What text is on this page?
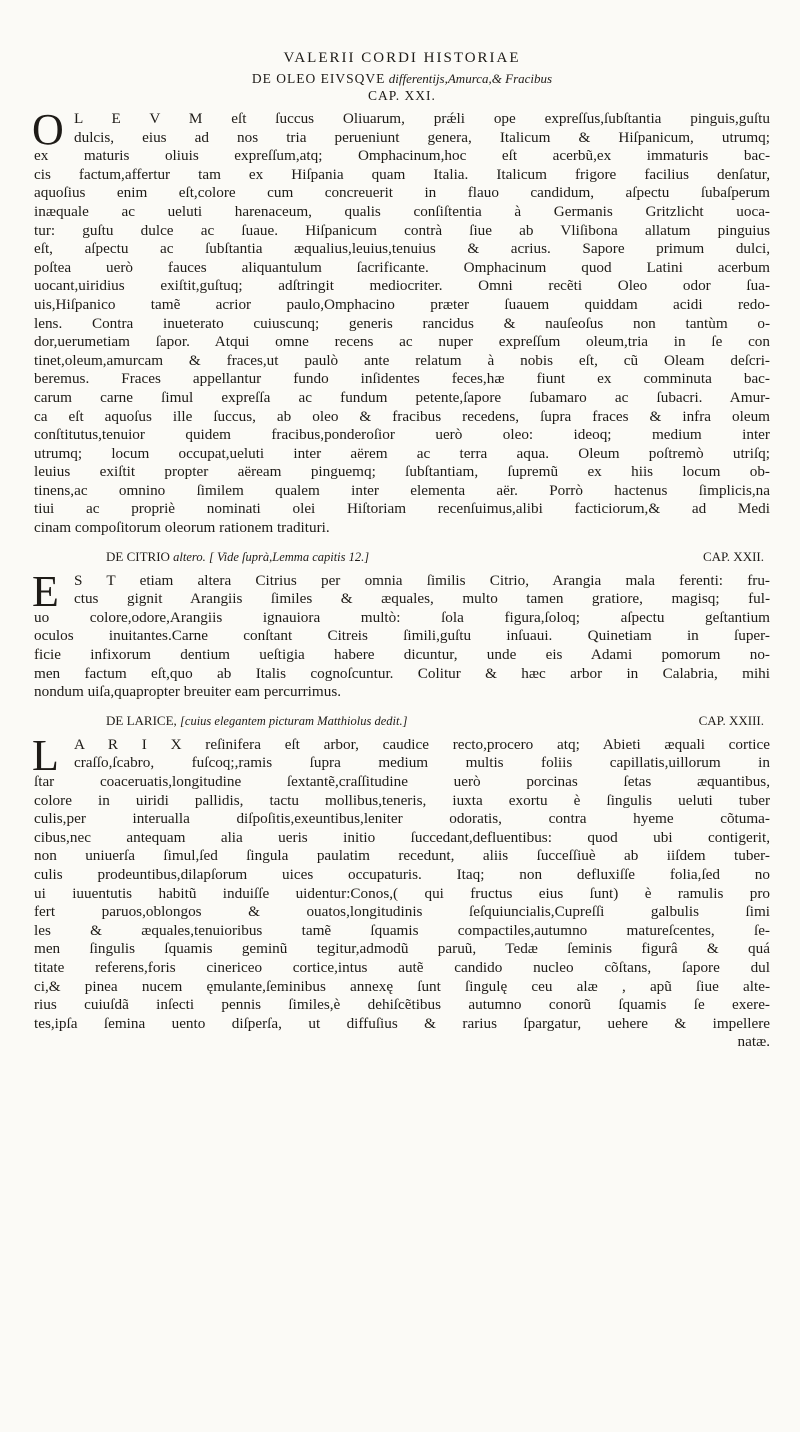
VALERII CORDI HISTORIAE
DE OLEO EIVSQVE differentijs,Amurca,& Fracibus
CAP. XXI.
O L E V M eſt ſuccus Oliuarum, prǽli ope expreſſus,ſubſtantia pinguis,guſtu
dulcis, eius ad nos tria perueniunt genera, Italicum & Hiſpanicum, utrumq;
ex maturis oliuis expreſſum,atq; Omphacinum,hoc eſt acerbũ,ex immaturis bac-
cis factum,affertur tam ex Hiſpania quam Italia. Italicum frigore facilius denſatur,
aquoſius enim eſt,colore cum concreuerit in flauo candidum, aſpectu ſubaſperum
inæquale ac ueluti harenaceum, qualis conſiſtentia à Germanis Gritzlicht uoca-
tur: guſtu dulce ac ſuaue. Hiſpanicum contrà ſiue ab Vliſibona allatum pinguius
eſt, aſpectu ac ſubſtantia æqualius,leuius,tenuius & acrius. Sapore primum dulci,
poſtea uerò fauces aliquantulum ſacrificante. Omphacinum quod Latini acerbum
uocant,uiridius exiſtit,guſtuq; adſtringit mediocriter. Omni recẽti Oleo odor ſua-
uis,Hiſpanico tamẽ acrior paulo,Omphacino præter ſuauem quiddam acidi redo-
lens. Contra inueterato cuiuscunq; generis rancidus & nauſeoſus non tantùm o-
dor,uerumetiam ſapor. Atqui omne recens ac nuper expreſſum oleum,tria in ſe con
tinet,oleum,amurcam & fraces,ut paulò ante relatum à nobis eſt, cũ Oleam deſcri-
beremus. Fraces appellantur fundo inſidentes feces,hæ fiunt ex comminuta bac-
carum carne ſimul expreſſa ac fundum petente,ſapore ſubamaro ac ſubacri. Amur-
ca eſt aquoſus ille ſuccus, ab oleo & fracibus recedens, ſupra fraces & infra oleum
conſtitutus,tenuior quidem fracibus,ponderoſior uerò oleo: ideoq; medium inter
utrumq; locum occupat,ueluti inter aërem ac terra aqua. Oleum poſtremò utriſq;
leuius exiſtit propter aëream pinguemq; ſubſtantiam, ſupremũ ex hiis locum ob-
tinens,ac omnino ſimilem qualem inter elementa aër. Porrò hactenus ſimplicis,na
tiui ac propriè nominati olei Hiſtoriam recenſuimus,alibi facticiorum,& ad Medi
cinam compoſitorum oleorum rationem tradituri.
DE CITRIO altero. [ Vide ſuprà,Lemma capitis 12.]	CAP. XXII.
E S T etiam altera Citrius per omnia ſimilis Citrio, Arangia mala ferenti: fru-
ctus gignit Arangiis ſimiles & æquales, multo tamen gratiore, magisq; ful-
uo colore,odore,Arangiis ignauiora multò: ſola figura,ſoloq; aſpectu geſtantium
oculos inuitantes.Carne conſtant Citreis ſimili,guſtu inſuaui. Quinetiam in ſuper-
ficie infixorum dentium ueſtigia habere dicuntur, unde eis Adami pomorum no-
men factum eſt,quo ab Italis cognoſcuntur. Colitur & hæc arbor in Calabria, mihi
nondum uiſa,quapropter breuiter eam percurrimus.
DE LARICE, [cuius elegantem picturam Matthiolus dedit.]	CAP. XXIII.
L A R I X reſinifera eſt arbor, caudice recto,procero atq; Abieti æquali cortice
craſſo,ſcabro, fuſcoq;,ramis ſupra medium multis foliis capillatis,uillorum in
ſtar coaceruatis,longitudine ſextantẽ,craſſitudine uerò porcinas ſetas æquantibus,
colore in uiridi pallidis, tactu mollibus,teneris, iuxta exortu è ſingulis ueluti tuber
culis,per interualla diſpoſitis,exeuntibus,leniter odoratis, contra hyeme cõtuma-
cibus,nec antequam alia ueris initio ſuccedant,defluentibus: quod ubi contigerit,
non uniuerſa ſimul,ſed ſingula paulatim recedunt, aliis ſucceſſiuè ab iiſdem tuber-
culis prodeuntibus,dilapſorum uices occupaturis. Itaq; non defluxiſſe folia,ſed no
ui iuuentutis habitũ induiſſe uidentur:Conos,( qui fructus eius ſunt) è ramulis pro
fert paruos,oblongos & ouatos,longitudinis ſeſquiuncialis,Cupreſſi galbulis ſimi
les & æquales,tenuioribus tamẽ ſquamis compactiles,autumno matureſcentes, ſe-
men ſingulis ſquamis geminũ tegitur,admodũ paruũ, Tedæ ſeminis figurâ & quá
titate referens,foris cinericeo cortice,intus autẽ candido nucleo cõſtans, ſapore dul
ci,& pinea nucem ęmulante,ſeminibus annexę ſunt ſingulę ceu alæ , apũ ſiue alte-
rius cuiuſdã inſecti pennis ſimiles,è dehiſcẽtibus autumno conorũ ſquamis ſe exere-
tes,ipſa ſemina uento diſperſa, ut diffuſius & rarius ſpargatur, uehere & impellere
natæ.
